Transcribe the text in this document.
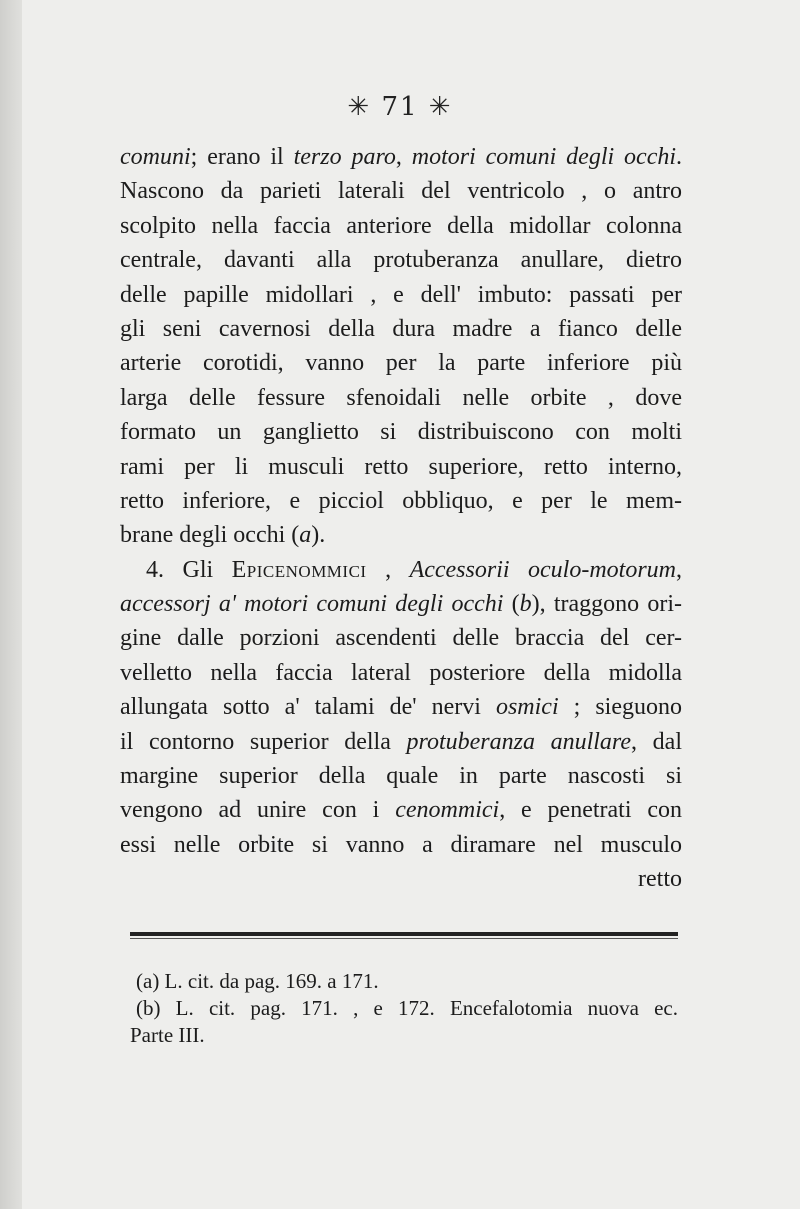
✳ 71 ✳
comuni; erano il terzo paro, motori comuni degli occhi.
Nascono da parieti laterali del ventricolo , o antro
scolpito nella faccia anteriore della midollar colonna
centrale, davanti alla protuberanza anullare, dietro
delle papille midollari , e dell' imbuto: passati per
gli seni cavernosi della dura madre a fianco delle
arterie corotidi, vanno per la parte inferiore più
larga delle fessure sfenoidali nelle orbite , dove
formato un ganglietto si distribuiscono con molti
rami per li musculi retto superiore, retto interno,
retto inferiore, e picciol obbliquo, e per le mem-
brane degli occhi (a).
4. Gli Epicenommici , Accessorii oculo-motorum,
accessorj a' motori comuni degli occhi (b), traggono ori-
gine dalle porzioni ascendenti delle braccia del cer-
velletto nella faccia lateral posteriore della midolla
allungata sotto a' talami de' nervi osmici ; sieguono
il contorno superior della protuberanza anullare, dal
margine superior della quale in parte nascosti si
vengono ad unire con i cenommici, e penetrati con
essi nelle orbite si vanno a diramare nel musculo
retto
(a) L. cit. da pag. 169. a 171.
(b) L. cit. pag. 171. , e 172. Encefalotomia nuova ec.
Parte III.
